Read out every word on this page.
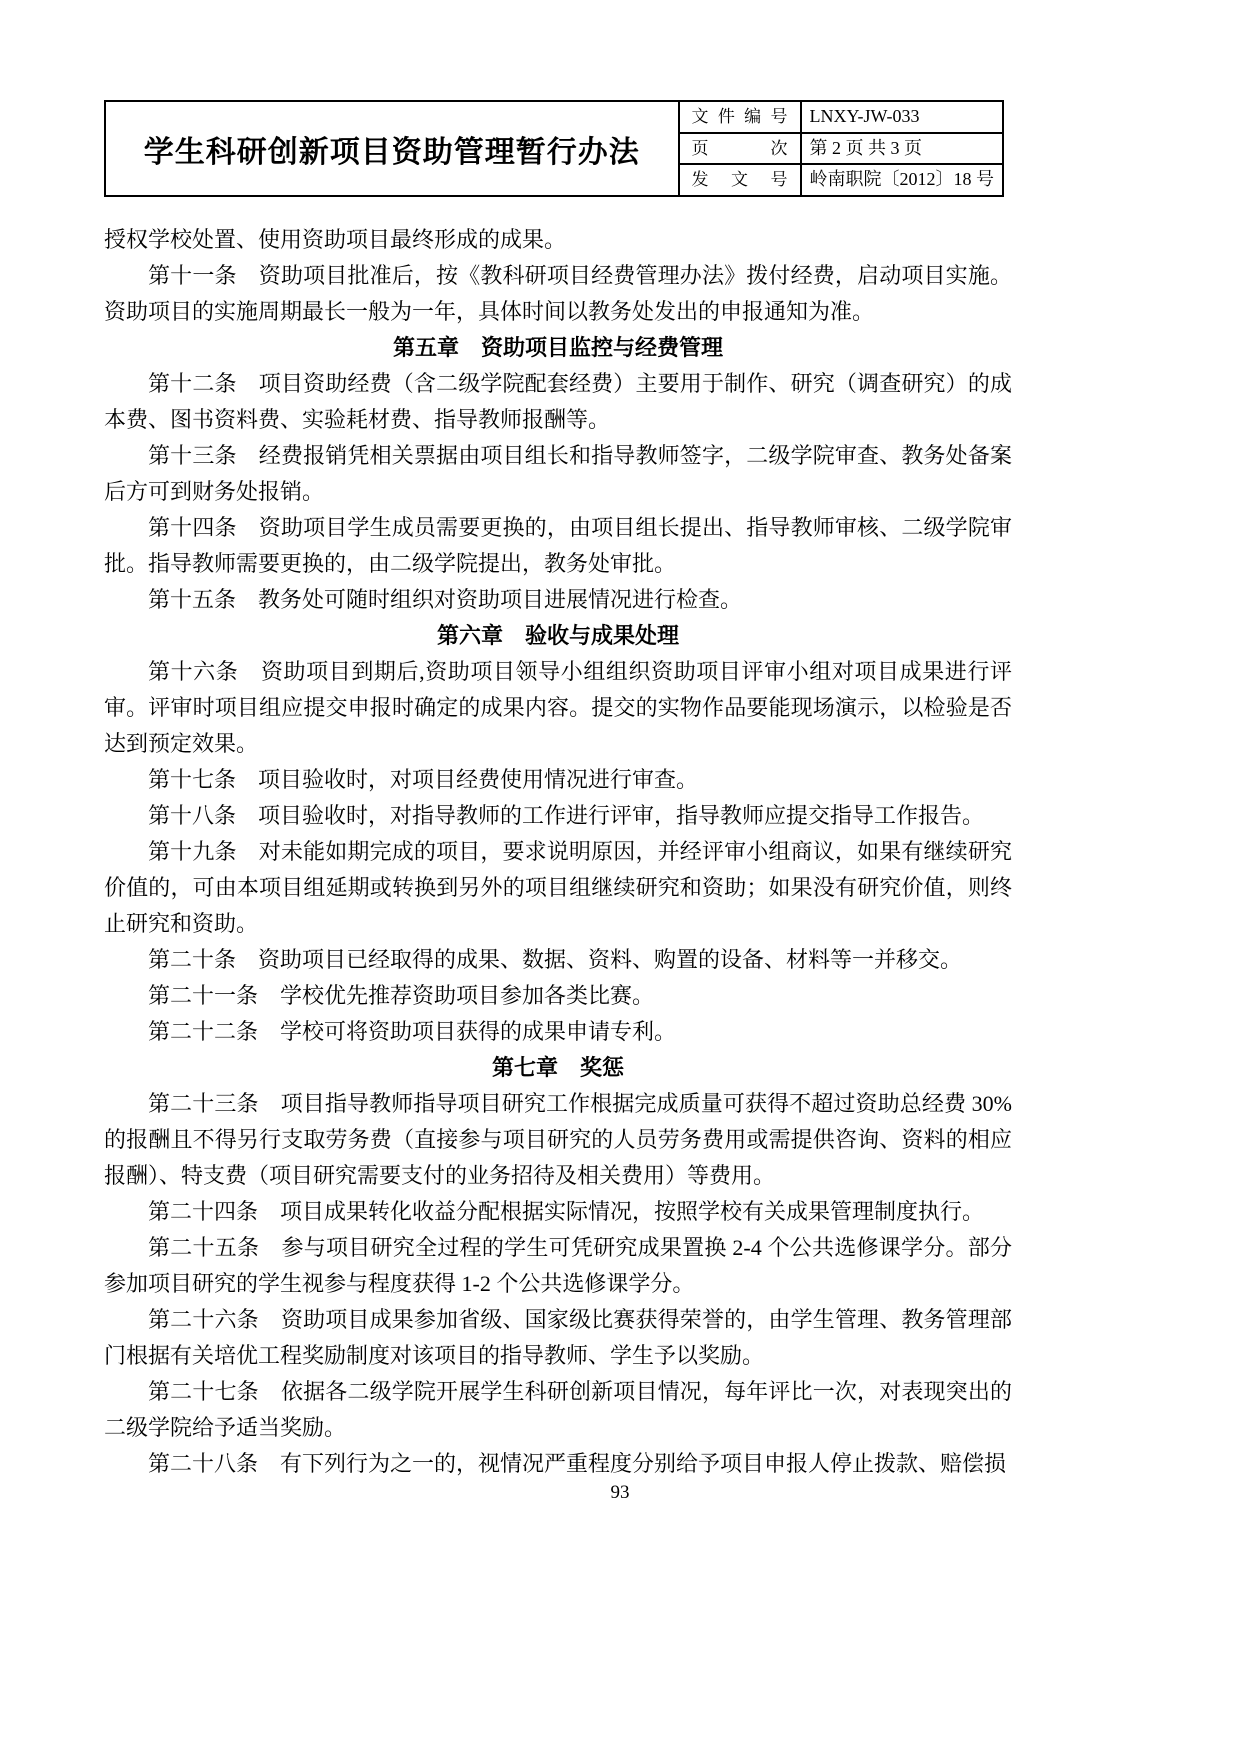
学生科研创新项目资助管理暂行办法
文件编号	LNXY-JW-033
页次	第 2 页 共 3 页
发文号	岭南职院〔2012〕18 号

授权学校处置、使用资助项目最终形成的成果。

第十一条　资助项目批准后，按《教科研项目经费管理办法》拨付经费，启动项目实施。资助项目的实施周期最长一般为一年，具体时间以教务处发出的申报通知为准。

第五章　资助项目监控与经费管理

第十二条　项目资助经费（含二级学院配套经费）主要用于制作、研究（调查研究）的成本费、图书资料费、实验耗材费、指导教师报酬等。

第十三条　经费报销凭相关票据由项目组长和指导教师签字，二级学院审查、教务处备案后方可到财务处报销。

第十四条　资助项目学生成员需要更换的，由项目组长提出、指导教师审核、二级学院审批。指导教师需要更换的，由二级学院提出，教务处审批。

第十五条　教务处可随时组织对资助项目进展情况进行检查。

第六章　验收与成果处理

第十六条　资助项目到期后,资助项目领导小组组织资助项目评审小组对项目成果进行评审。评审时项目组应提交申报时确定的成果内容。提交的实物作品要能现场演示，以检验是否达到预定效果。

第十七条　项目验收时，对项目经费使用情况进行审查。

第十八条　项目验收时，对指导教师的工作进行评审，指导教师应提交指导工作报告。

第十九条　对未能如期完成的项目，要求说明原因，并经评审小组商议，如果有继续研究价值的，可由本项目组延期或转换到另外的项目组继续研究和资助；如果没有研究价值，则终止研究和资助。

第二十条　资助项目已经取得的成果、数据、资料、购置的设备、材料等一并移交。

第二十一条　学校优先推荐资助项目参加各类比赛。

第二十二条　学校可将资助项目获得的成果申请专利。

第七章　奖惩

第二十三条　项目指导教师指导项目研究工作根据完成质量可获得不超过资助总经费 30%的报酬且不得另行支取劳务费（直接参与项目研究的人员劳务费用或需提供咨询、资料的相应报酬）、特支费（项目研究需要支付的业务招待及相关费用）等费用。

第二十四条　项目成果转化收益分配根据实际情况，按照学校有关成果管理制度执行。

第二十五条　参与项目研究全过程的学生可凭研究成果置换 2-4 个公共选修课学分。部分参加项目研究的学生视参与程度获得 1-2 个公共选修课学分。

第二十六条　资助项目成果参加省级、国家级比赛获得荣誉的，由学生管理、教务管理部门根据有关培优工程奖励制度对该项目的指导教师、学生予以奖励。

第二十七条　依据各二级学院开展学生科研创新项目情况，每年评比一次，对表现突出的二级学院给予适当奖励。

第二十八条　有下列行为之一的，视情况严重程度分别给予项目申报人停止拨款、赔偿损

93
